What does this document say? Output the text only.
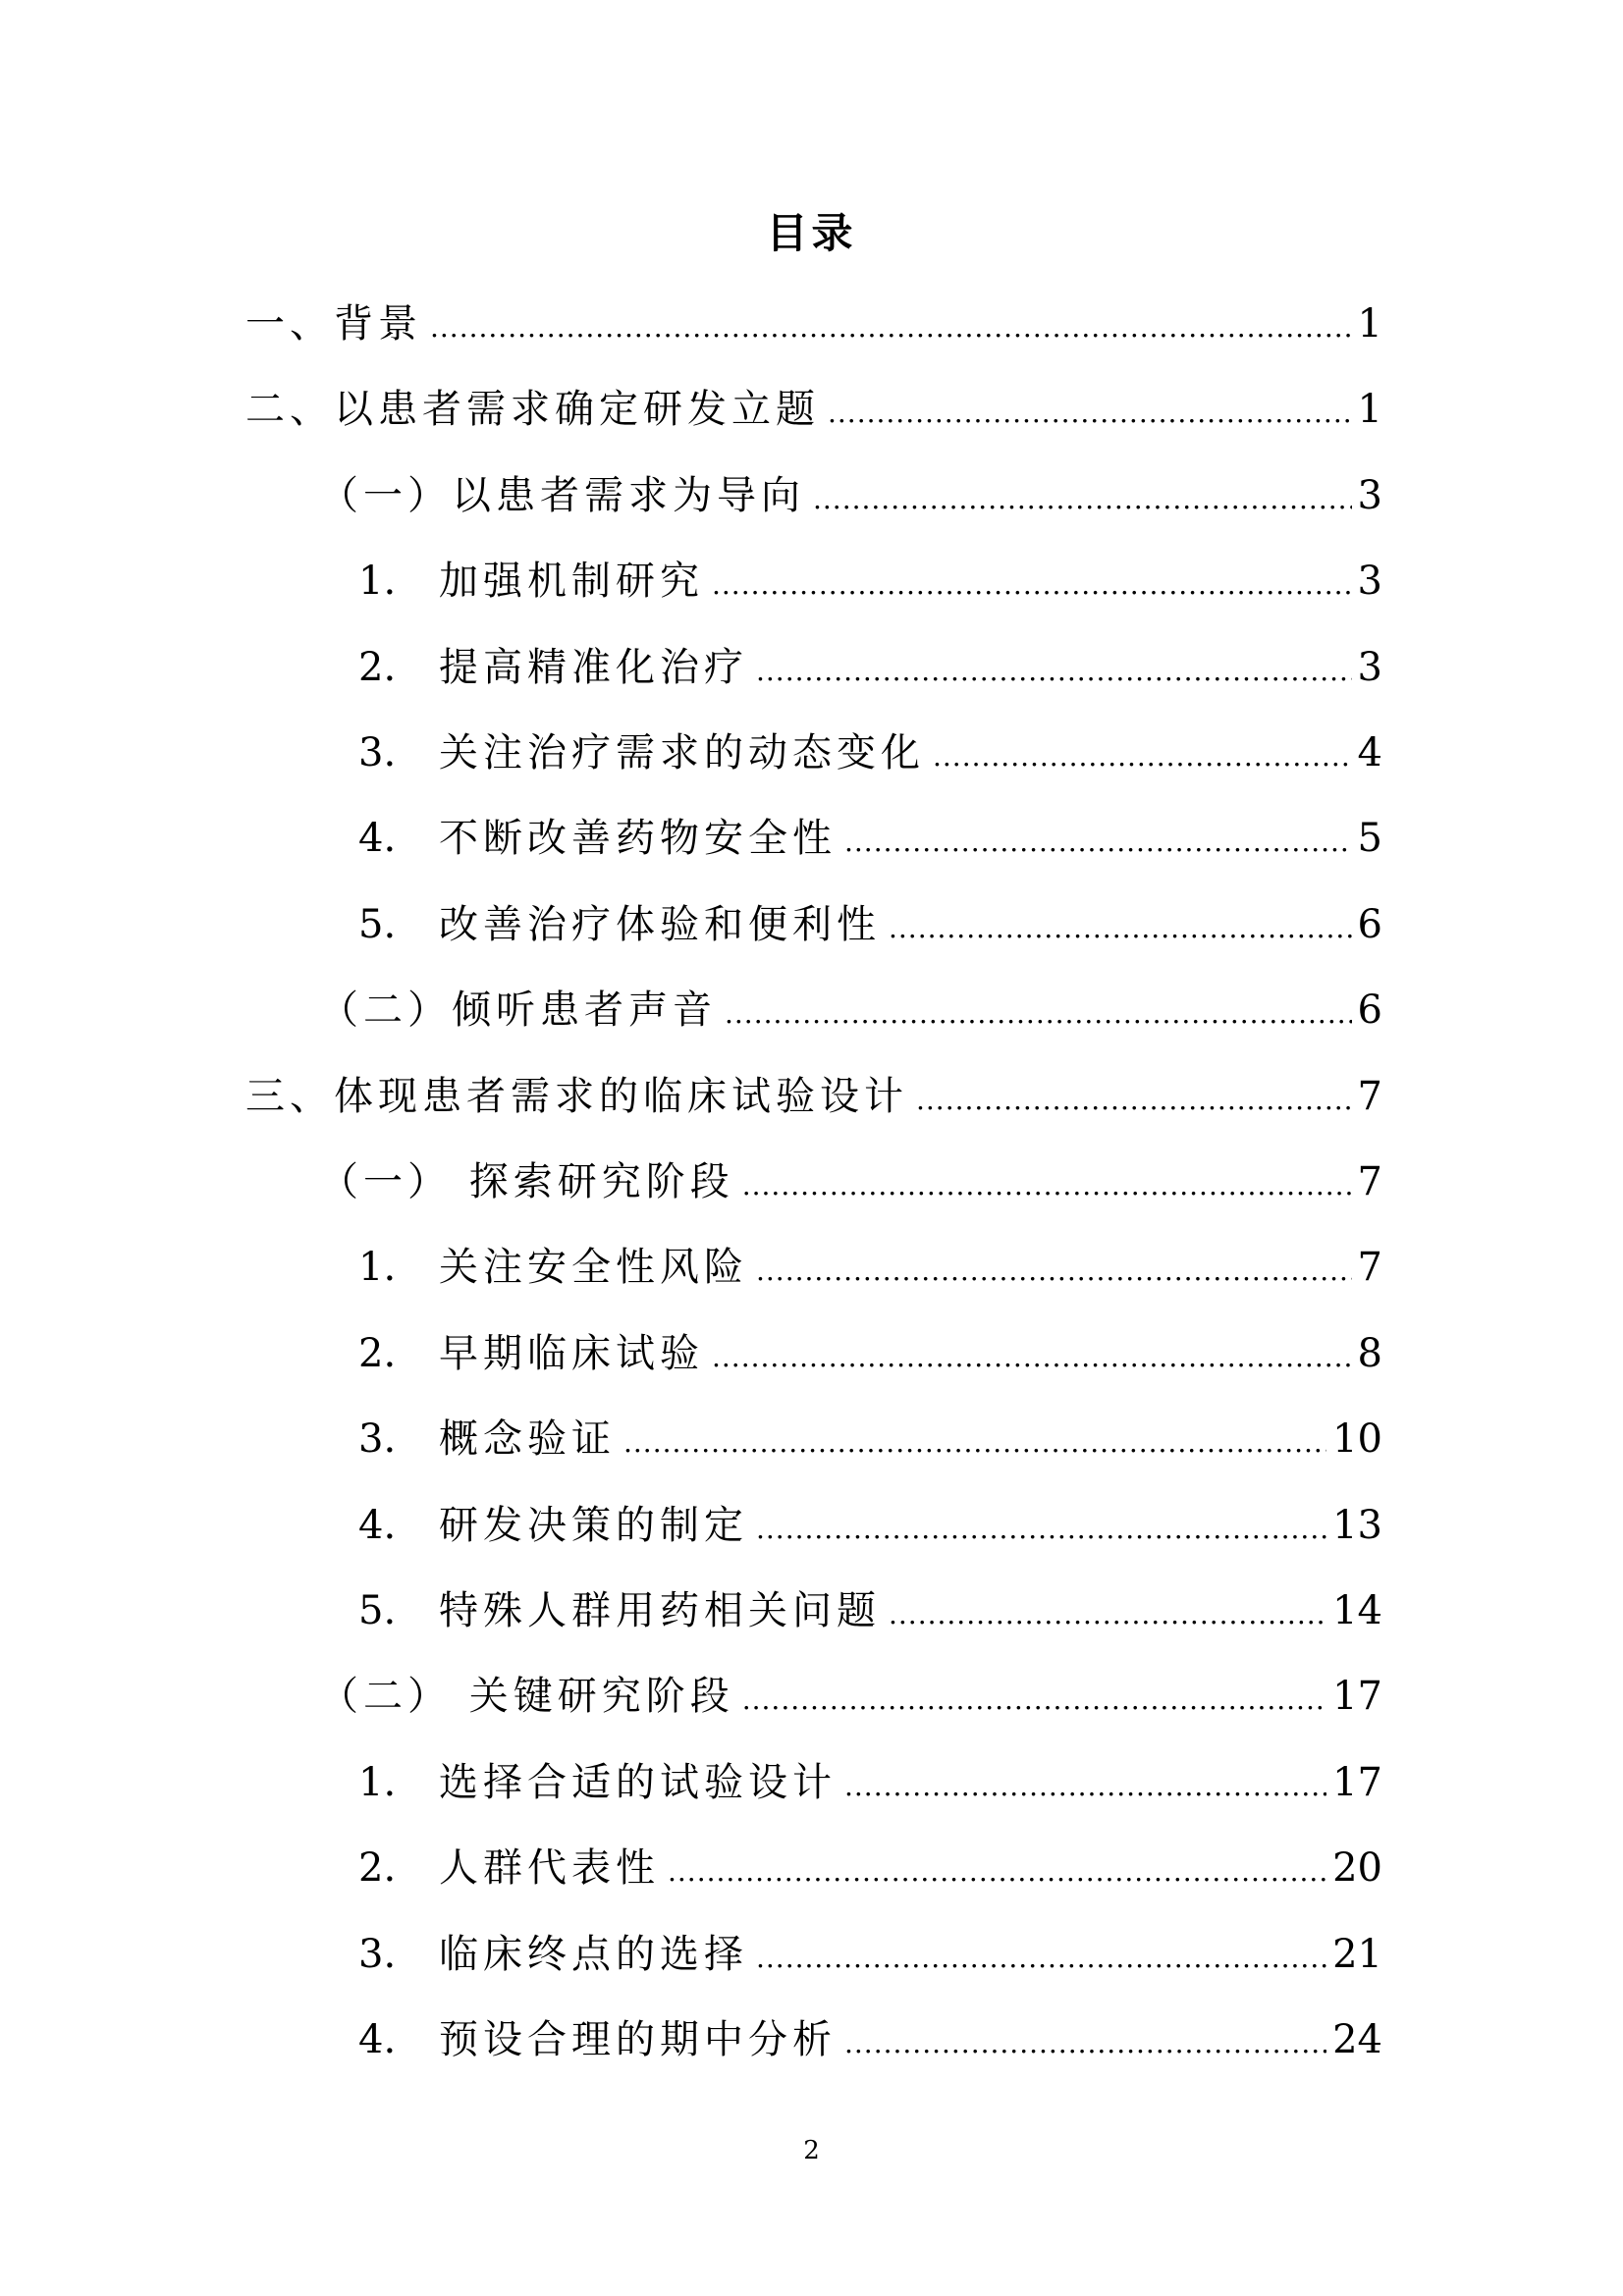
目录
一、背景 .....	1
二、以患者需求确定研发立题 .....	1
（一）以患者需求为导向 .....	3
1.	加强机制研究 .....	3
2.	提高精准化治疗 .....	3
3.	关注治疗需求的动态变化 .....	4
4.	不断改善药物安全性 .....	5
5.	改善治疗体验和便利性 .....	6
（二）倾听患者声音 .....	6
三、体现患者需求的临床试验设计 .....	7
（一） 探索研究阶段 .....	7
1.	关注安全性风险 .....	7
2.	早期临床试验 .....	8
3.	概念验证 .....	10
4.	研发决策的制定 .....	13
5.	特殊人群用药相关问题 .....	14
（二） 关键研究阶段 .....	17
1.	选择合适的试验设计 .....	17
2.	人群代表性 .....	20
3.	临床终点的选择 .....	21
4.	预设合理的期中分析 .....	24
2
